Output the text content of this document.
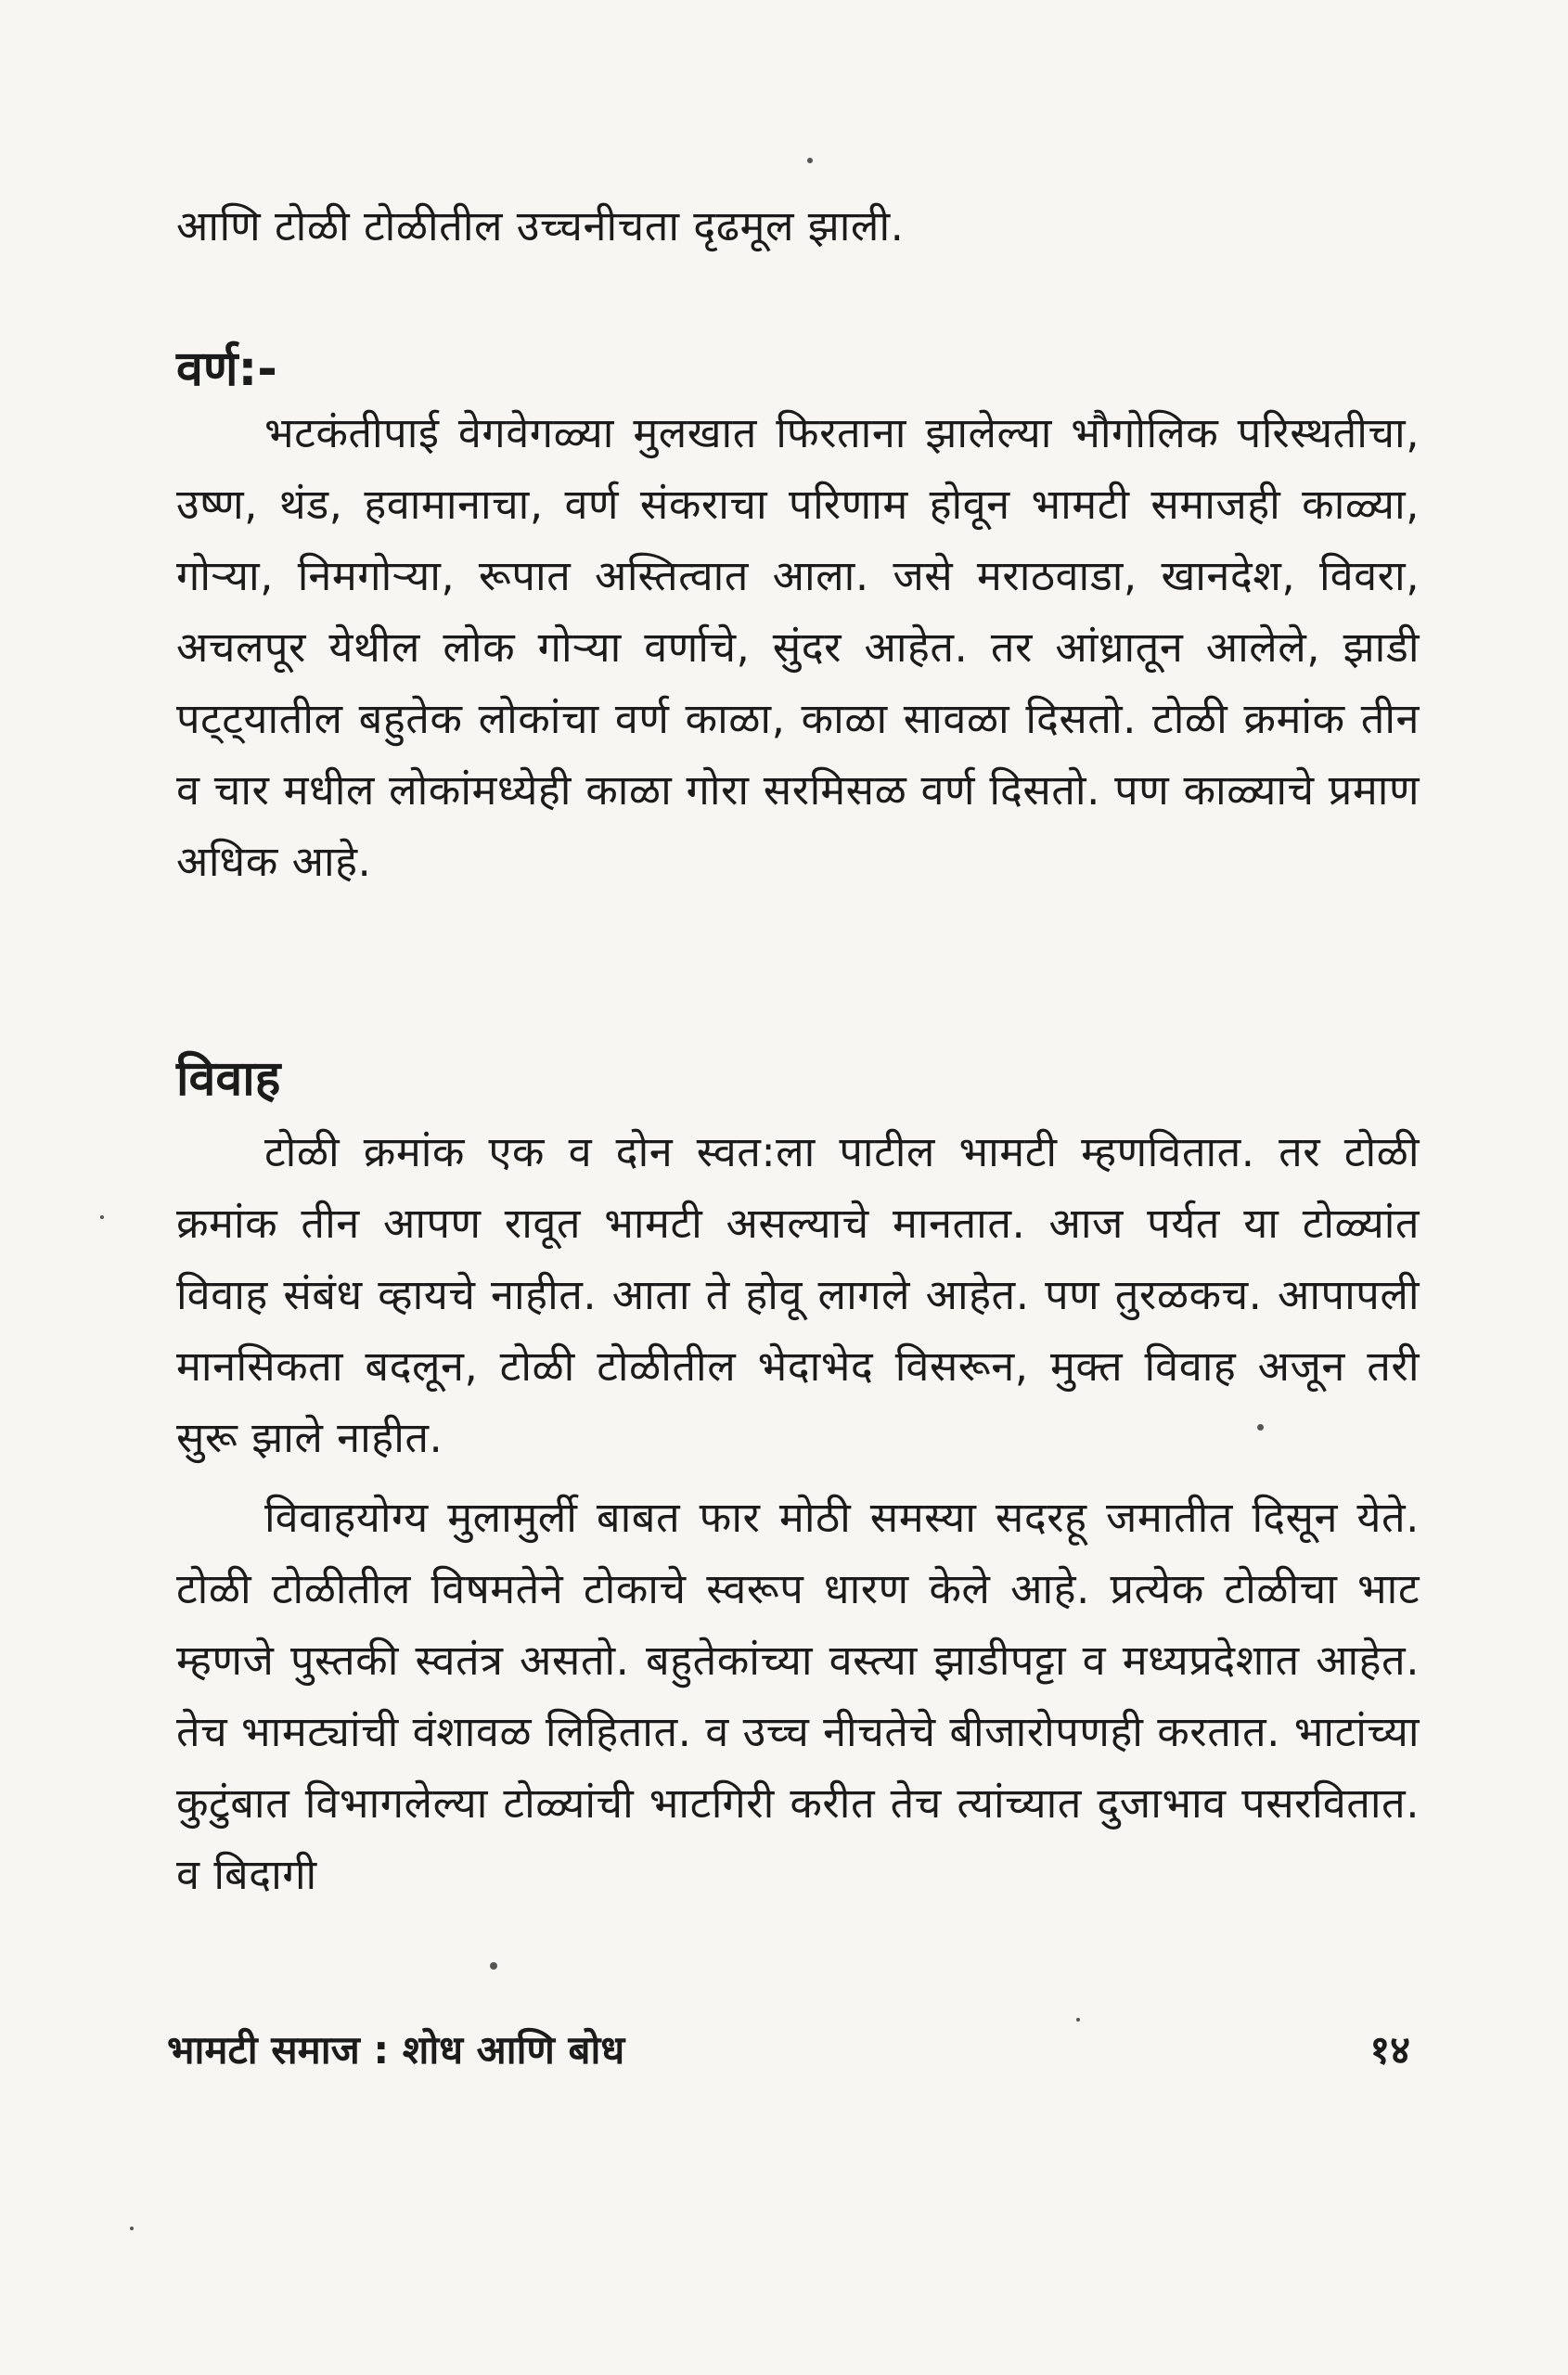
आणि टोळी टोळीतील उच्चनीचता दृढमूल झाली.
वर्ण:-
भटकंतीपाई वेगवेगळ्या मुलखात फिरताना झालेल्या भौगोलिक परिस्थतीचा, उष्ण, थंड, हवामानाचा, वर्ण संकराचा परिणाम होवून भामटी समाजही काळ्या, गोऱ्या, निमगोऱ्या, रूपात अस्तित्वात आला. जसे मराठवाडा, खानदेश, विवरा, अचलपूर येथील लोक गोऱ्या वर्णाचे, सुंदर आहेत. तर आंध्रातून आलेले, झाडी पट्ट्यातील बहुतेक लोकांचा वर्ण काळा, काळा सावळा दिसतो. टोळी क्रमांक तीन व चार मधील लोकांमध्येही काळा गोरा सरमिसळ वर्ण दिसतो. पण काळ्याचे प्रमाण अधिक आहे.
विवाह
टोळी क्रमांक एक व दोन स्वत:ला पाटील भामटी म्हणवितात. तर टोळी क्रमांक तीन आपण रावूत भामटी असल्याचे मानतात. आज पर्यत या टोळ्यांत विवाह संबंध व्हायचे नाहीत. आता ते होवू लागले आहेत. पण तुरळकच. आपापली मानसिकता बदलून, टोळी टोळीतील भेदाभेद विसरून, मुक्त विवाह अजून तरी सुरू झाले नाहीत.
विवाहयोग्य मुलामुर्ली बाबत फार मोठी समस्या सदरहू जमातीत दिसून येते. टोळी टोळीतील विषमतेने टोकाचे स्वरूप धारण केले आहे. प्रत्येक टोळीचा भाट म्हणजे पुस्तकी स्वतंत्र असतो. बहुतेकांच्या वस्त्या झाडीपट्टा व मध्यप्रदेशात आहेत. तेच भामट्यांची वंशावळ लिहितात. व उच्च नीचतेचे बीजारोपणही करतात. भाटांच्या कुटुंबात विभागलेल्या टोळ्यांची भाटगिरी करीत तेच त्यांच्यात दुजाभाव पसरवितात. व बिदागी
भामटी समाज : शोध आणि बोध	१४
